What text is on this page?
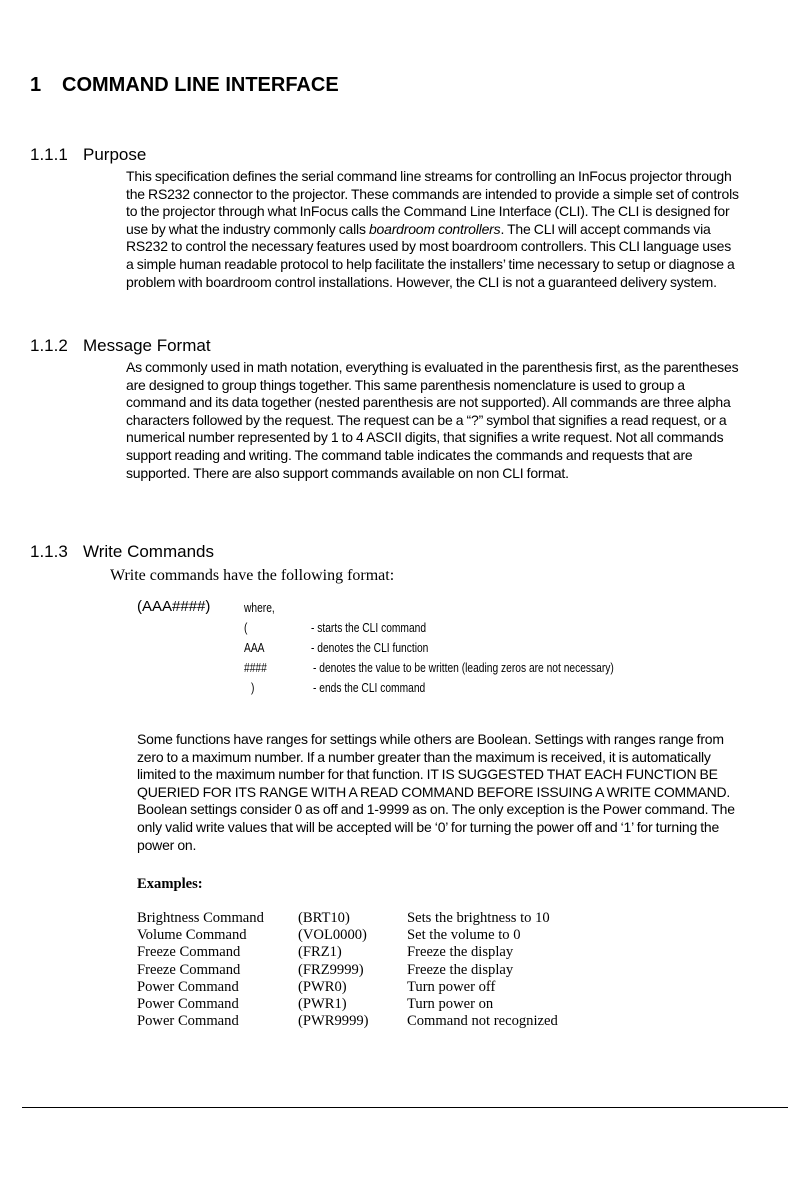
1 COMMAND LINE INTERFACE
1.1.1 Purpose

This specification defines the serial command line streams for controlling an InFocus projector through

the RS232 connector to the projector. These commands are intended to provide a simple set of controls

to the projector through what InFocus calls the Command Line Interface (CLI). The CLI is designed for

use by what the industry commonly calls boardroom controllers. The CLI will accept commands via

RS232 to control the necessary features used by most boardroom controllers. This CLI language uses

a simple human readable protocol to help facilitate the installers’ time necessary to setup or diagnose a

problem with boardroom control installations. However, the CLI is not a guaranteed delivery system.

1.1.2 Message Format

As commonly used in math notation, everything is evaluated in the parenthesis first, as the parentheses

are designed to group things together. This same parenthesis nomenclature is used to group a

command and its data together (nested parenthesis are not supported). All commands are three alpha

characters followed by the request. The request can be a “?” symbol that signifies a read request, or a

numerical number represented by 1 to 4 ASCII digits, that signifies a write request. Not all commands

support reading and writing. The command table indicates the commands and requests that are

supported. There are also support commands available on non CLI format.

1.1.3 Write Commands
Write commands have the following format:
(AAA####)	where,
(	- starts the CLI command
AAA	- denotes the CLI function
####	- denotes the value to be written (leading zeros are not necessary)
)	- ends the CLI command

Some functions have ranges for settings while others are Boolean. Settings with ranges range from

zero to a maximum number. If a number greater than the maximum is received, it is automatically

limited to the maximum number for that function. IT IS SUGGESTED THAT EACH FUNCTION BE

QUERIED FOR ITS RANGE WITH A READ COMMAND BEFORE ISSUING A WRITE COMMAND.

Boolean settings consider 0 as off and 1-9999 as on. The only exception is the Power command. The

only valid write values that will be accepted will be ‘0’ for turning the power off and ‘1’ for turning the

power on.

Examples:
Brightness Command	(BRT10)	Sets the brightness to 10
Volume Command	(VOL0000)	Set the volume to 0
Freeze Command	(FRZ1)	Freeze the display
Freeze Command	(FRZ9999)	Freeze the display
Power Command	(PWR0)	Turn power off
Power Command	(PWR1)	Turn power on
Power Command	(PWR9999)	Command not recognized
